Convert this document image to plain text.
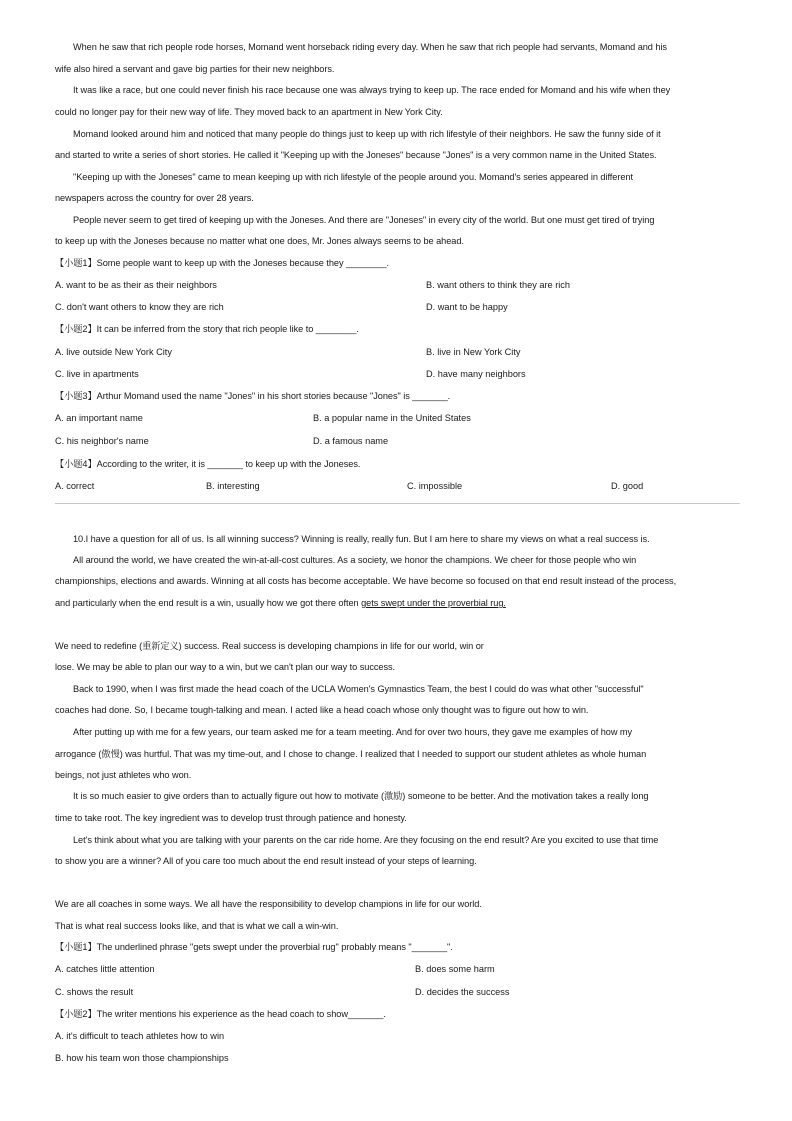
When he saw that rich people rode horses, Momand went horseback riding every day. When he saw that rich people had servants, Momand and his
wife also hired a servant and gave big parties for their new neighbors.
It was like a race, but one could never finish his race because one was always trying to keep up. The race ended for Momand and his wife when they
could no longer pay for their new way of life. They moved back to an apartment in New York City.
Momand looked around him and noticed that many people do things just to keep up with rich lifestyle of their neighbors. He saw the funny side of it
and started to write a series of short stories. He called it "Keeping up with the Joneses" because "Jones" is a very common name in the United States.
"Keeping up with the Joneses" came to mean keeping up with rich lifestyle of the people around you. Momand's series appeared in different
newspapers across the country for over 28 years.
People never seem to get tired of keeping up with the Joneses. And there are "Joneses" in every city of the world. But one must get tired of trying
to keep up with the Joneses because no matter what one does, Mr. Jones always seems to be ahead.
【小题1】Some people want to keep up with the Joneses because they ________.
A. want to be as their as their neighbors	B. want others to think they are rich
C. don't want others to know they are rich	D. want to be happy
【小题2】It can be inferred from the story that rich people like to ________.
A. live outside New York City	B. live in New York City
C. live in apartments	D. have many neighbors
【小题3】Arthur Momand used the name "Jones" in his short stories because "Jones" is _______.
A. an important name	B. a popular name in the United States
C. his neighbor's name	D. a famous name
【小题4】According to the writer, it is _______ to keep up with the Joneses.
A. correct	B. interesting	C. impossible	D. good
10.I have a question for all of us. Is all winning success? Winning is really, really fun. But I am here to share my views on what a real success is.
All around the world, we have created the win-at-all-cost cultures. As a society, we honor the champions. We cheer for those people who win
championships, elections and awards. Winning at all costs has become acceptable. We have become so focused on that end result instead of the process,
and particularly when the end result is a win, usually how we got there often gets swept under the proverbial rug.
We need to redefine (重新定义) success. Real success is developing champions in life for our world, win or
lose. We may be able to plan our way to a win, but we can't plan our way to success.
Back to 1990, when I was first made the head coach of the UCLA Women's Gymnastics Team, the best I could do was what other "successful"
coaches had done. So, I became tough-talking and mean. I acted like a head coach whose only thought was to figure out how to win.
After putting up with me for a few years, our team asked me for a team meeting. And for over two hours, they gave me examples of how my
arrogance (傲慢) was hurtful. That was my time-out, and I chose to change. I realized that I needed to support our student athletes as whole human
beings, not just athletes who won.
It is so much easier to give orders than to actually figure out how to motivate (激励) someone to be better. And the motivation takes a really long
time to take root. The key ingredient was to develop trust through patience and honesty.
Let's think about what you are talking with your parents on the car ride home. Are they focusing on the end result? Are you excited to use that time
to show you are a winner? All of you care too much about the end result instead of your steps of learning.
We are all coaches in some ways. We all have the responsibility to develop champions in life for our world.
That is what real success looks like, and that is what we call a win-win.
【小题1】The underlined phrase "gets swept under the proverbial rug" probably means "_______".
A. catches little attention	B. does some harm
C. shows the result	D. decides the success
【小题2】The writer mentions his experience as the head coach to show_______.
A. it's difficult to teach athletes how to win
B. how his team won those championships
